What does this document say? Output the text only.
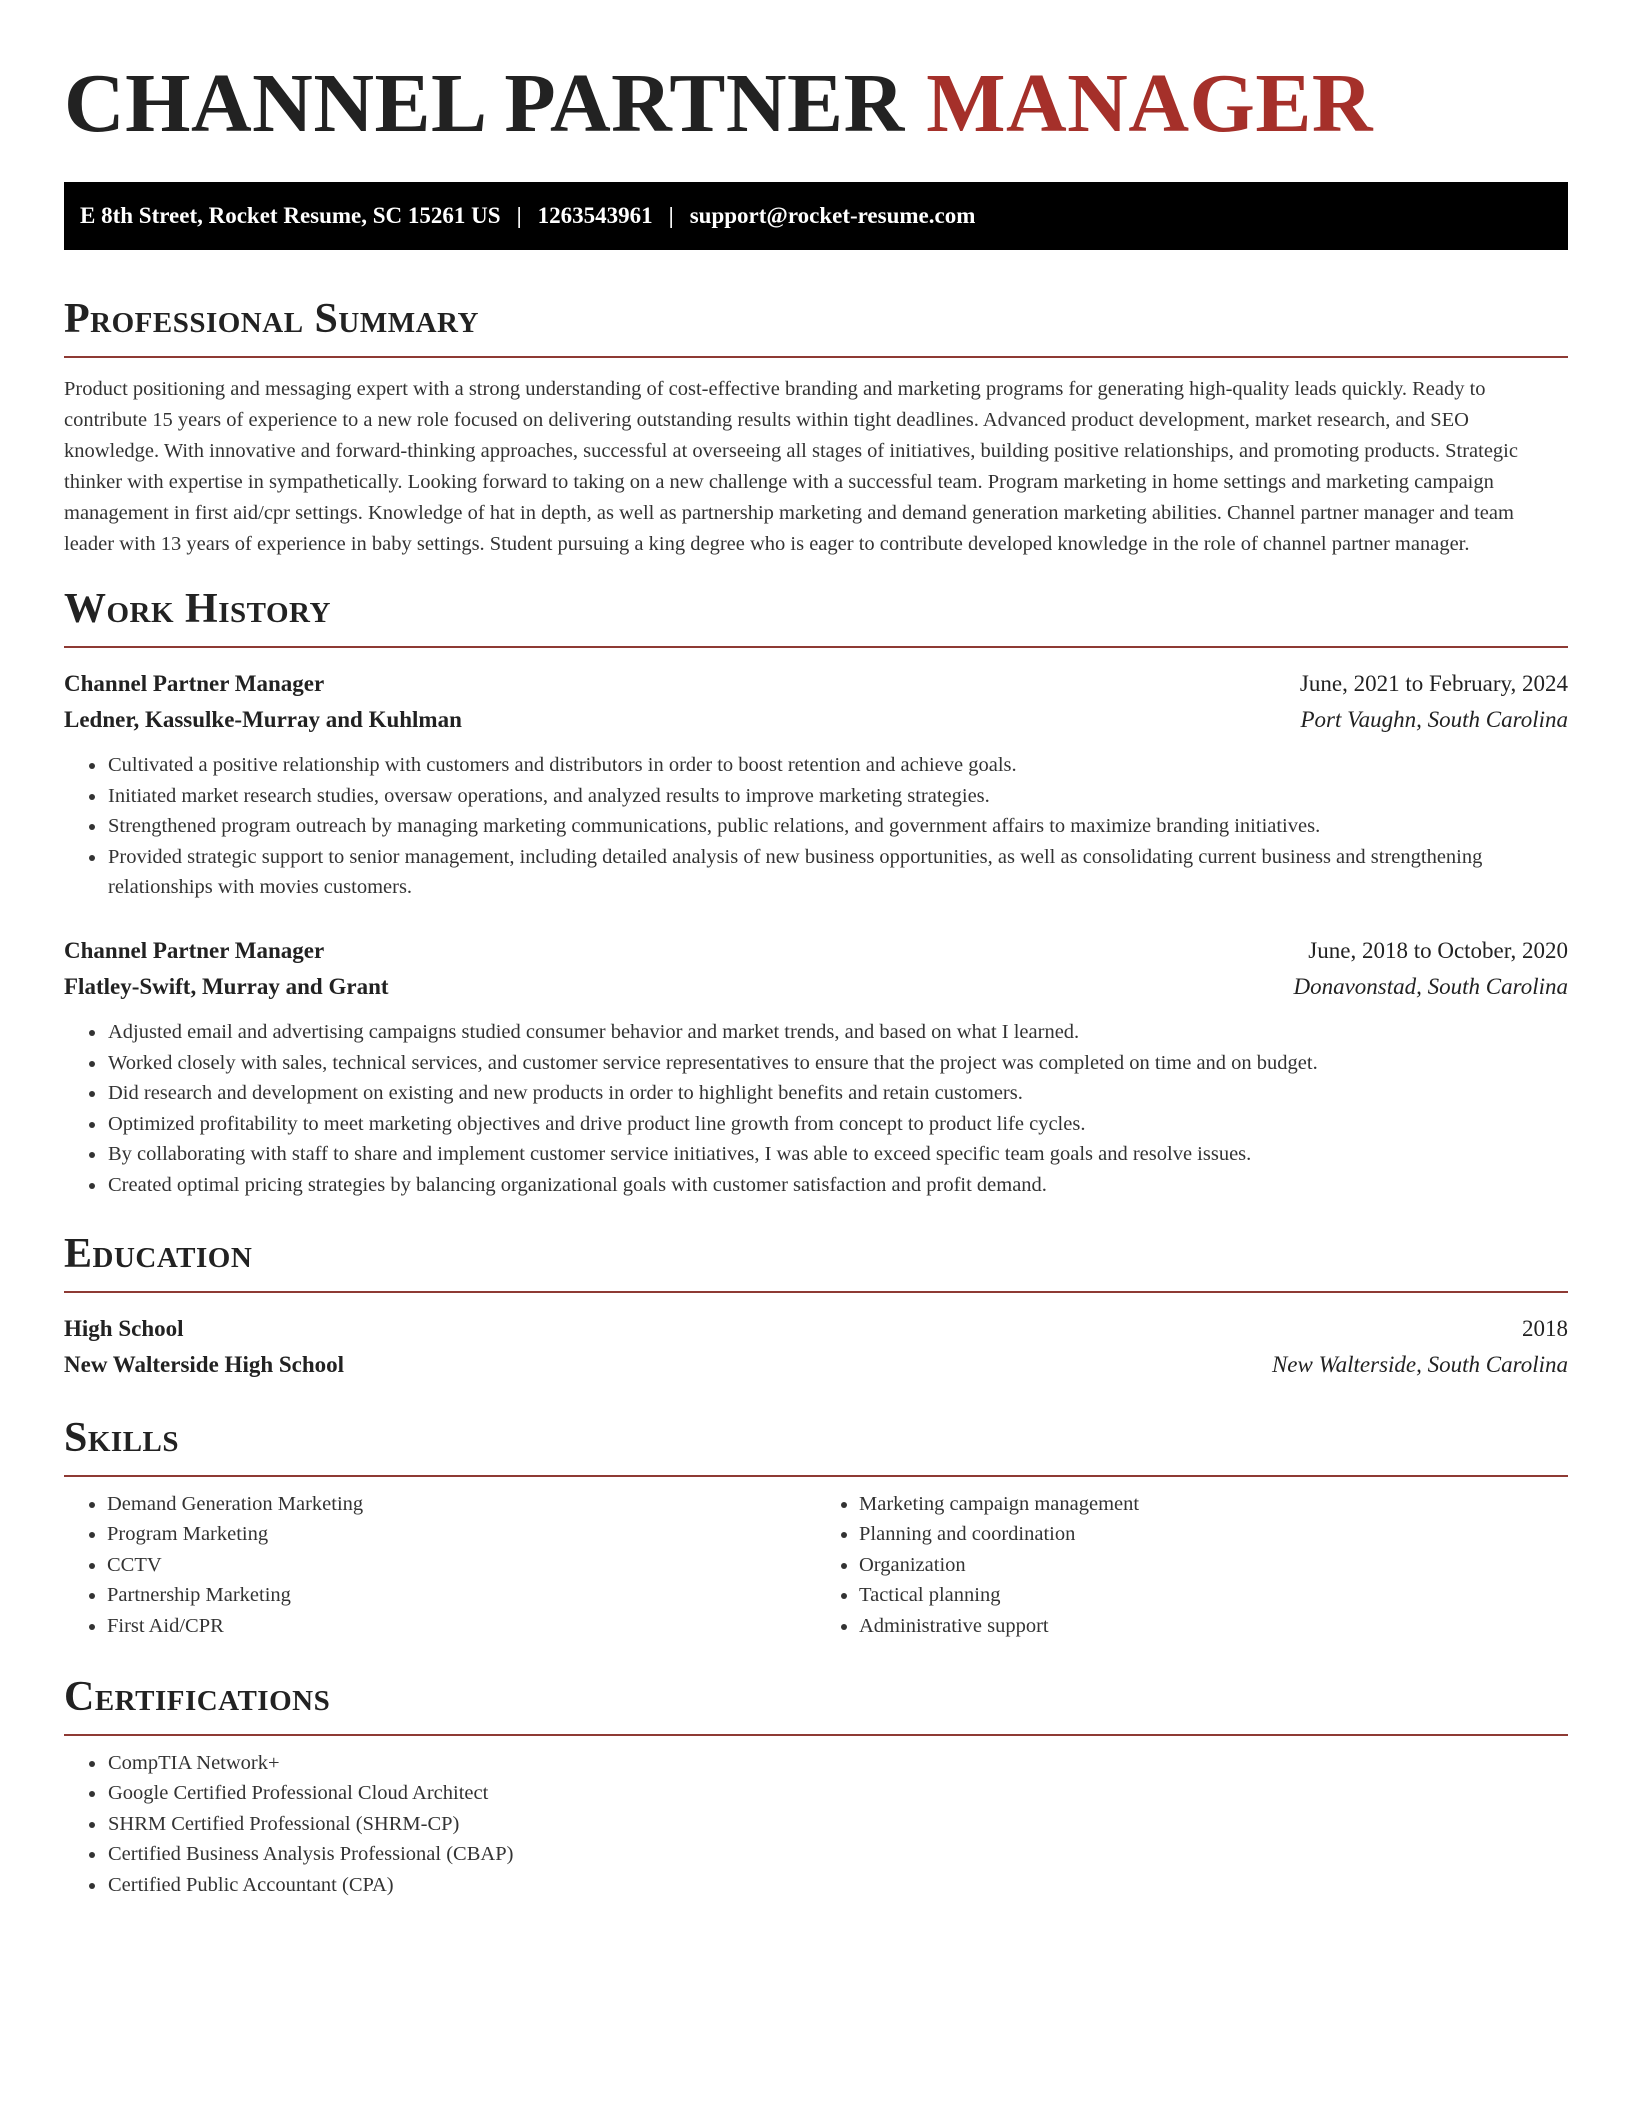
CHANNEL PARTNER MANAGER
E 8th Street, Rocket Resume, SC 15261 US | 1263543961 | support@rocket-resume.com
Professional Summary
Product positioning and messaging expert with a strong understanding of cost-effective branding and marketing programs for generating high-quality leads quickly. Ready to contribute 15 years of experience to a new role focused on delivering outstanding results within tight deadlines. Advanced product development, market research, and SEO knowledge. With innovative and forward-thinking approaches, successful at overseeing all stages of initiatives, building positive relationships, and promoting products. Strategic thinker with expertise in sympathetically. Looking forward to taking on a new challenge with a successful team. Program marketing in home settings and marketing campaign management in first aid/cpr settings. Knowledge of hat in depth, as well as partnership marketing and demand generation marketing abilities. Channel partner manager and team leader with 13 years of experience in baby settings. Student pursuing a king degree who is eager to contribute developed knowledge in the role of channel partner manager.
Work History
Channel Partner Manager	June, 2021 to February, 2024
Ledner, Kassulke-Murray and Kuhlman	Port Vaughn, South Carolina
• Cultivated a positive relationship with customers and distributors in order to boost retention and achieve goals.
• Initiated market research studies, oversaw operations, and analyzed results to improve marketing strategies.
• Strengthened program outreach by managing marketing communications, public relations, and government affairs to maximize branding initiatives.
• Provided strategic support to senior management, including detailed analysis of new business opportunities, as well as consolidating current business and strengthening relationships with movies customers.
Channel Partner Manager	June, 2018 to October, 2020
Flatley-Swift, Murray and Grant	Donavonstad, South Carolina
• Adjusted email and advertising campaigns studied consumer behavior and market trends, and based on what I learned.
• Worked closely with sales, technical services, and customer service representatives to ensure that the project was completed on time and on budget.
• Did research and development on existing and new products in order to highlight benefits and retain customers.
• Optimized profitability to meet marketing objectives and drive product line growth from concept to product life cycles.
• By collaborating with staff to share and implement customer service initiatives, I was able to exceed specific team goals and resolve issues.
• Created optimal pricing strategies by balancing organizational goals with customer satisfaction and profit demand.
Education
High School	2018
New Walterside High School	New Walterside, South Carolina
Skills
• Demand Generation Marketing
• Program Marketing
• CCTV
• Partnership Marketing
• First Aid/CPR
• Marketing campaign management
• Planning and coordination
• Organization
• Tactical planning
• Administrative support
Certifications
• CompTIA Network+
• Google Certified Professional Cloud Architect
• SHRM Certified Professional (SHRM-CP)
• Certified Business Analysis Professional (CBAP)
• Certified Public Accountant (CPA)
